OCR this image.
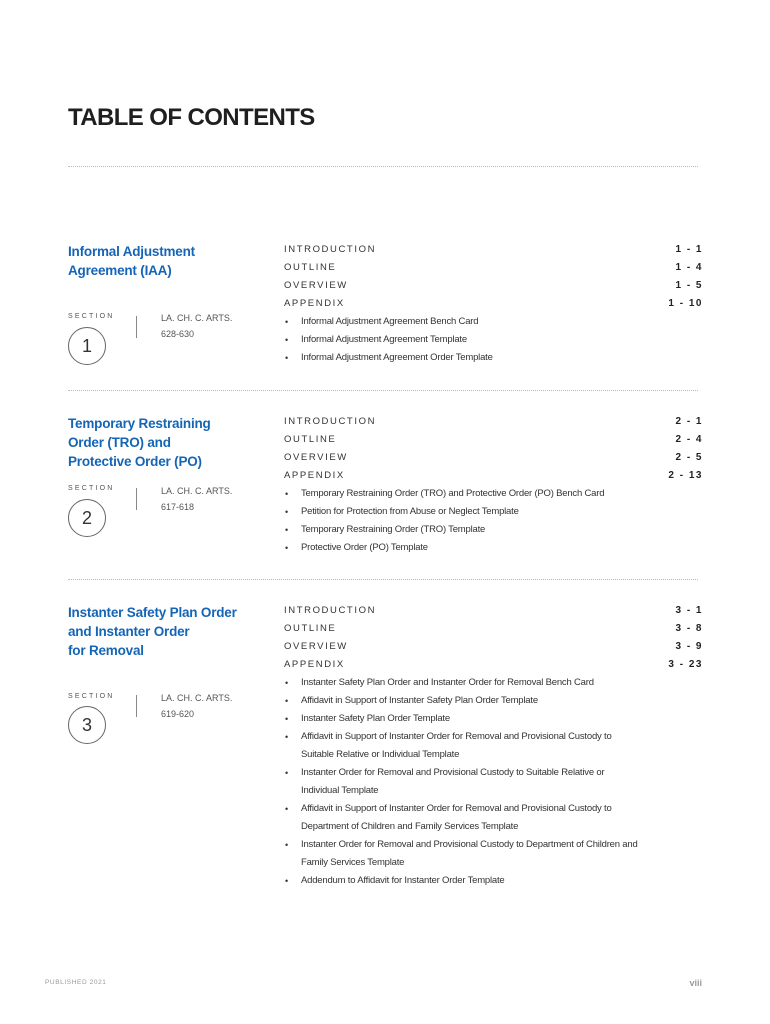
TABLE OF CONTENTS
Informal Adjustment
Agreement (IAA)
SECTION
1
LA. CH. C. ARTS.
628-630
INTRODUCTION	1 - 1
OUTLINE	1 - 4
OVERVIEW	1 - 5
APPENDIX	1 - 10
• Informal Adjustment Agreement Bench Card
• Informal Adjustment Agreement Template
• Informal Adjustment Agreement Order Template
Temporary Restraining
Order (TRO) and
Protective Order (PO)
SECTION
2
LA. CH. C. ARTS.
617-618
INTRODUCTION	2 - 1
OUTLINE	2 - 4
OVERVIEW	2 - 5
APPENDIX	2 - 13
• Temporary Restraining Order (TRO) and Protective Order (PO) Bench Card
• Petition for Protection from Abuse or Neglect Template
• Temporary Restraining Order (TRO) Template
• Protective Order (PO) Template
Instanter Safety Plan Order
and Instanter Order
for Removal
SECTION
3
LA. CH. C. ARTS.
619-620
INTRODUCTION	3 - 1
OUTLINE	3 - 8
OVERVIEW	3 - 9
APPENDIX	3 - 23
• Instanter Safety Plan Order and Instanter Order for Removal Bench Card
• Affidavit in Support of Instanter Safety Plan Order Template
• Instanter Safety Plan Order Template
• Affidavit in Support of Instanter Order for Removal and Provisional Custody to Suitable Relative or Individual Template
• Instanter Order for Removal and Provisional Custody to Suitable Relative or Individual Template
• Affidavit in Support of Instanter Order for Removal and Provisional Custody to Department of Children and Family Services Template
• Instanter Order for Removal and Provisional Custody to Department of Children and Family Services Template
• Addendum to Affidavit for Instanter Order Template
PUBLISHED 2021	viii
